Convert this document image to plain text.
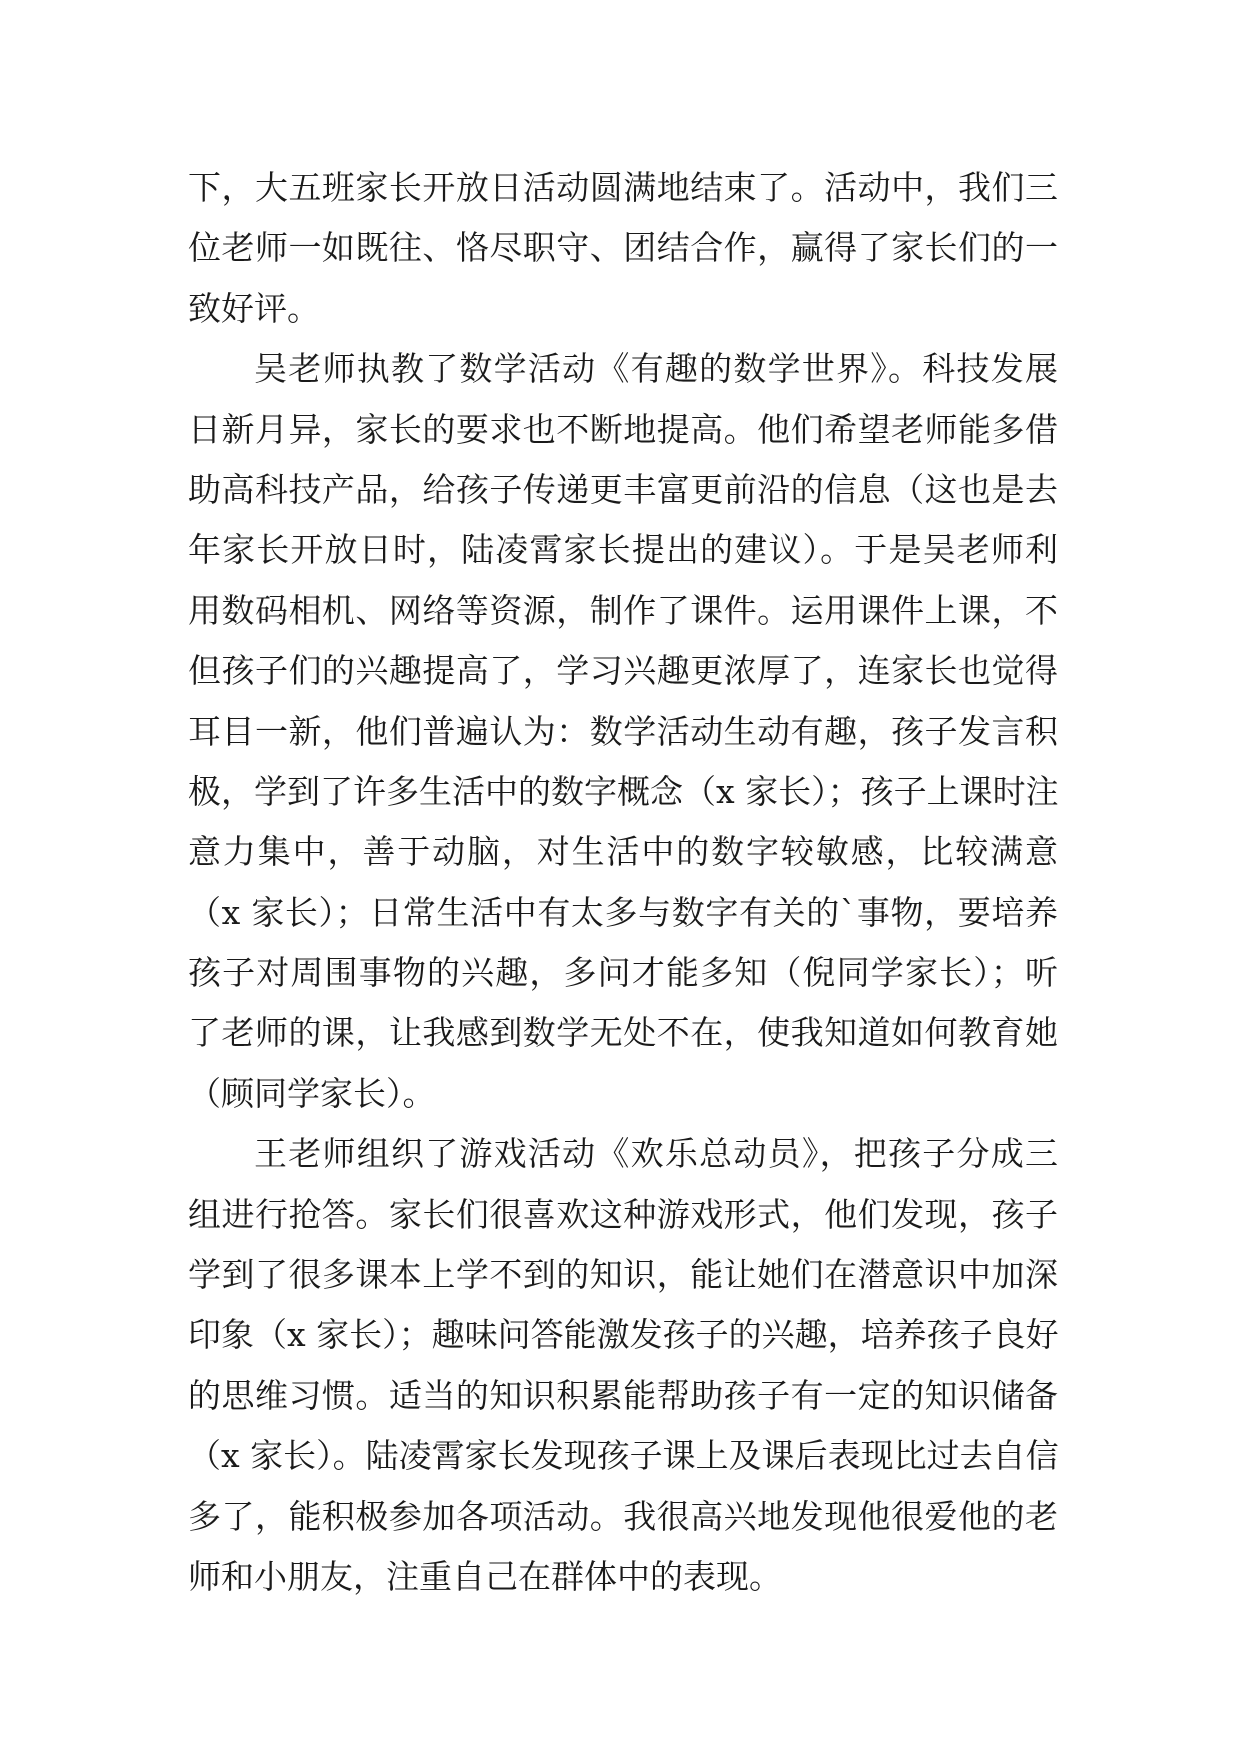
下，大五班家长开放日活动圆满地结束了。活动中，我们三
位老师一如既往、恪尽职守、团结合作，赢得了家长们的一
致好评。
吴老师执教了数学活动《有趣的数学世界》。科技发展
日新月异，家长的要求也不断地提高。他们希望老师能多借
助高科技产品，给孩子传递更丰富更前沿的信息（这也是去
年家长开放日时，陆凌霄家长提出的建议）。于是吴老师利
用数码相机、网络等资源，制作了课件。运用课件上课，不
但孩子们的兴趣提高了，学习兴趣更浓厚了，连家长也觉得
耳目一新，他们普遍认为：数学活动生动有趣，孩子发言积
极，学到了许多生活中的数字概念（x 家长）；孩子上课时注
意力集中，善于动脑，对生活中的数字较敏感，比较满意
（x 家长）；日常生活中有太多与数字有关的`事物，要培养
孩子对周围事物的兴趣，多问才能多知（倪同学家长）；听
了老师的课，让我感到数学无处不在，使我知道如何教育她
（顾同学家长）。
王老师组织了游戏活动《欢乐总动员》，把孩子分成三
组进行抢答。家长们很喜欢这种游戏形式，他们发现，孩子
学到了很多课本上学不到的知识，能让她们在潜意识中加深
印象（x 家长）；趣味问答能激发孩子的兴趣，培养孩子良好
的思维习惯。适当的知识积累能帮助孩子有一定的知识储备
（x 家长）。陆凌霄家长发现孩子课上及课后表现比过去自信
多了，能积极参加各项活动。我很高兴地发现他很爱他的老
师和小朋友，注重自己在群体中的表现。
